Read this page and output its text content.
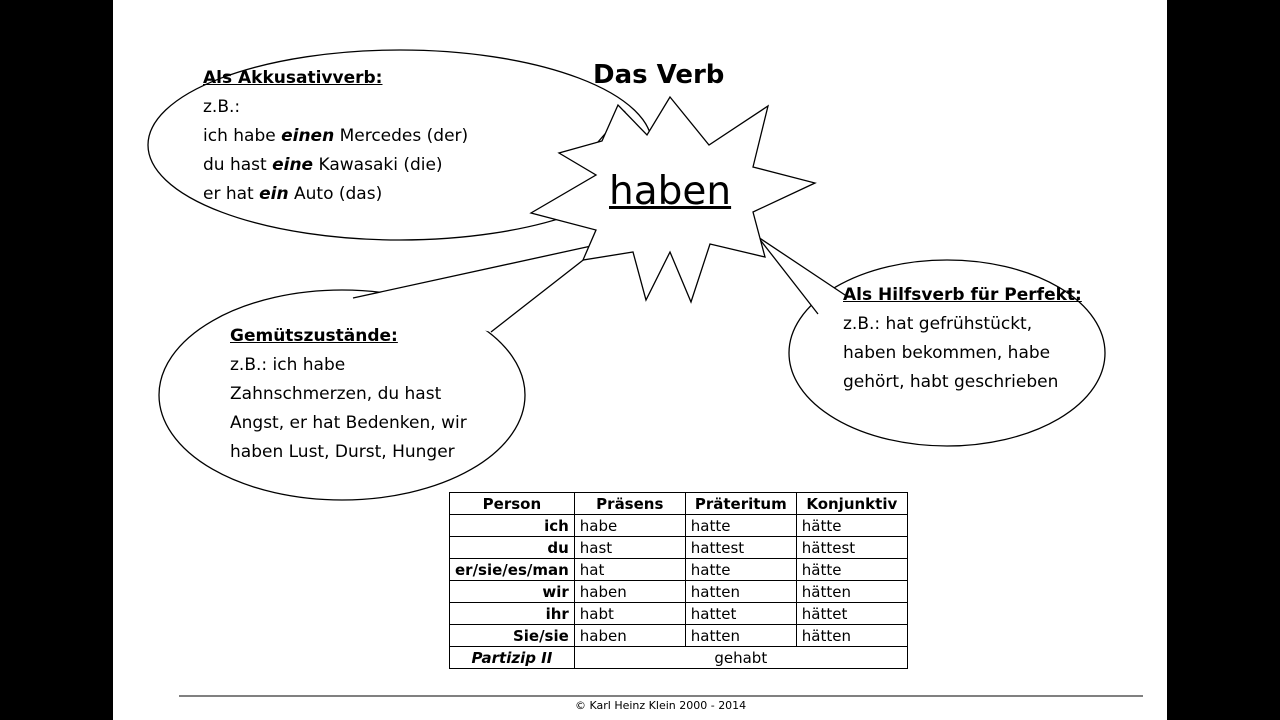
Das Verb
haben
Als Akkusativverb:
z.B.:
ich habe einen Mercedes (der)
du hast eine Kawasaki (die)
er hat ein Auto (das)
Gemütszustände:
z.B.: ich habe
Zahnschmerzen, du hast
Angst, er hat Bedenken, wir
haben Lust, Durst, Hunger
Als Hilfsverb für Perfekt:
z.B.: hat gefrühstückt,
haben bekommen, habe
gehört, habt geschrieben
Person	Präsens	Präteritum	Konjunktiv
ich	habe	hatte	hätte
du	hast	hattest	hättest
er/sie/es/man	hat	hatte	hätte
wir	haben	hatten	hätten
ihr	habt	hattet	hättet
Sie/sie	haben	hatten	hätten
Partizip II	gehabt		
© Karl Heinz Klein 2000 - 2014
